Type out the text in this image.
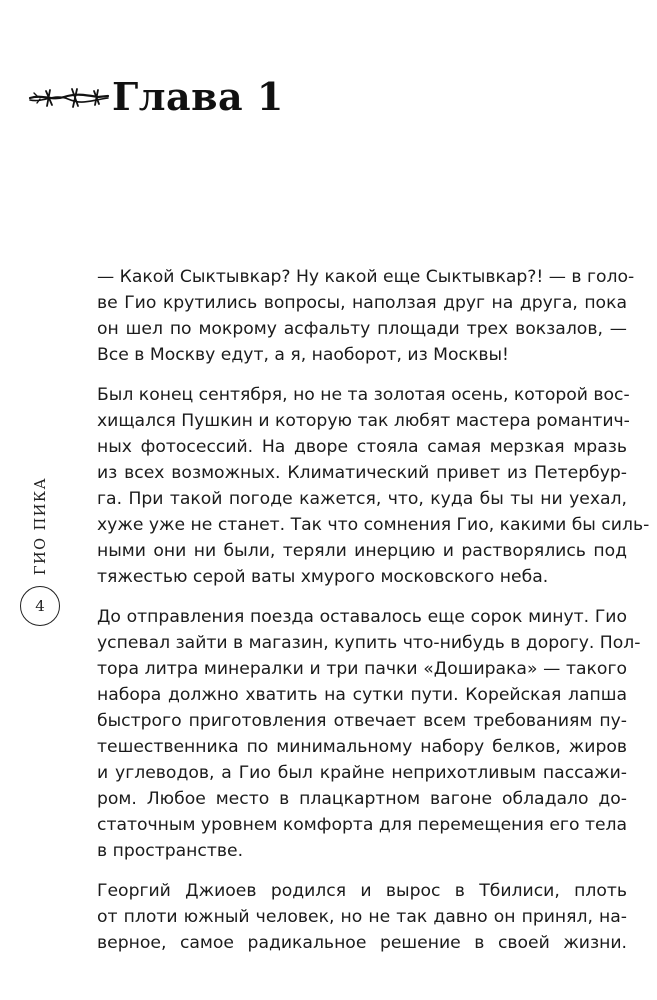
Глава 1
ГИО ПИКА
4
— Какой Сыктывкар? Ну какой еще Сыктывкар?! — в голо-
ве Гио крутились вопросы, наползая друг на друга, пока
он шел по мокрому асфальту площади трех вокзалов, —
Все в Москву едут, а я, наоборот, из Москвы!
Был конец сентября, но не та золотая осень, которой вос-
хищался Пушкин и которую так любят мастера романтич-
ных фотосессий. На дворе стояла самая мерзкая мразь
из всех возможных. Климатический привет из Петербур-
га. При такой погоде кажется, что, куда бы ты ни уехал,
хуже уже не станет. Так что сомнения Гио, какими бы силь-
ными они ни были, теряли инерцию и растворялись под
тяжестью серой ваты хмурого московского неба.
До отправления поезда оставалось еще сорок минут. Гио
успевал зайти в магазин, купить что-нибудь в дорогу. Пол-
тора литра минералки и три пачки «Доширака» — такого
набора должно хватить на сутки пути. Корейская лапша
быстрого приготовления отвечает всем требованиям пу-
тешественника по минимальному набору белков, жиров
и углеводов, а Гио был крайне неприхотливым пассажи-
ром. Любое место в плацкартном вагоне обладало до-
статочным уровнем комфорта для перемещения его тела
в пространстве.
Георгий Джиоев родился и вырос в Тбилиси, плоть
от плоти южный человек, но не так давно он принял, на-
верное, самое радикальное решение в своей жизни.
